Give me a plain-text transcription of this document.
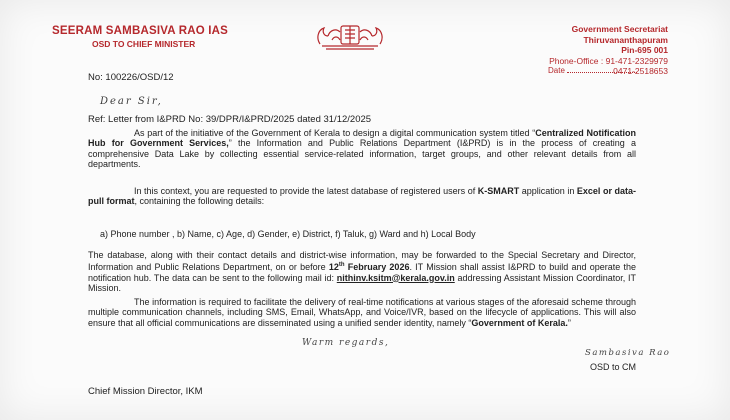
SEERAM SAMBASIVA RAO IAS
OSD TO CHIEF MINISTER
Government Secretariat
Thiruvananthapuram
Pin-695 001
Phone-Office : 91-471-2329979
0471-2518653
Date
No: 100226/OSD/12
Dear Sir,
Ref: Letter from I&PRD No: 39/DPR/I&PRD/2025 dated 31/12/2025
As part of the initiative of the Government of Kerala to design a digital communication system titled “Centralized Notification Hub for Government Services,” the Information and Public Relations Department (I&PRD) is in the process of creating a comprehensive Data Lake by collecting essential service-related information, target groups, and other relevant details from all departments.
In this context, you are requested to provide the latest database of registered users of K-SMART application in Excel or data-pull format, containing the following details:
a) Phone number , b) Name, c) Age, d) Gender, e) District, f) Taluk, g) Ward and h) Local Body
The database, along with their contact details and district-wise information, may be forwarded to the Special Secretary and Director, Information and Public Relations Department, on or before 12th February 2026. IT Mission shall assist I&PRD to build and operate the notification hub. The data can be sent to the following mail id: nithinv.ksitm@kerala.gov.in addressing Assistant Mission Coordinator, IT Mission.
The information is required to facilitate the delivery of real-time notifications at various stages of the aforesaid scheme through multiple communication channels, including SMS, Email, WhatsApp, and Voice/IVR, based on the lifecycle of applications. This will also ensure that all official communications are disseminated using a unified sender identity, namely “Government of Kerala.”
Warm regards,
Sambasiva Rao
OSD to CM
Chief Mission Director, IKM
